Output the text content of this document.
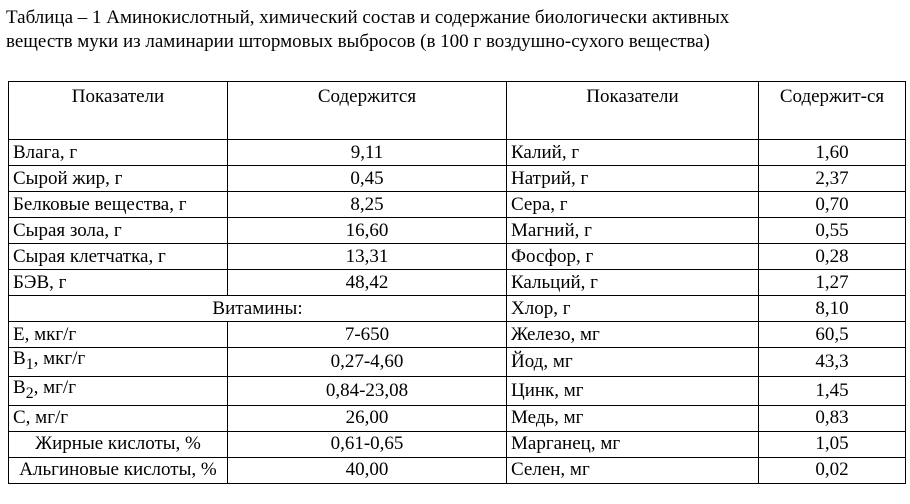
Таблица – 1 Аминокислотный, химический состав и содержание биологически активных
веществ муки из ламинарии штормовых выбросов (в 100 г воздушно-сухого вещества)
Показатели	Содержится	Показатели	Содержит-ся
Влага, г	9,11	Калий, г	1,60
Сырой жир, г	0,45	Натрий, г	2,37
Белковые вещества, г	8,25	Сера, г	0,70
Сырая зола, г	16,60	Магний, г	0,55
Сырая клетчатка, г	13,31	Фосфор, г	0,28
БЭВ, г	48,42	Кальций, г	1,27
Витамины:		Хлор, г	8,10
Е, мкг/г	7-650	Железо, мг	60,5
$В_1$, мкг/г	0,27-4,60	Йод, мг	43,3
$В_2$, мг/г	0,84-23,08	Цинк, мг	1,45
С, мг/г	26,00	Медь, мг	0,83
Жирные кислоты, %	0,61-0,65	Марганец, мг	1,05
Альгиновые кислоты, %	40,00	Селен, мг	0,02
